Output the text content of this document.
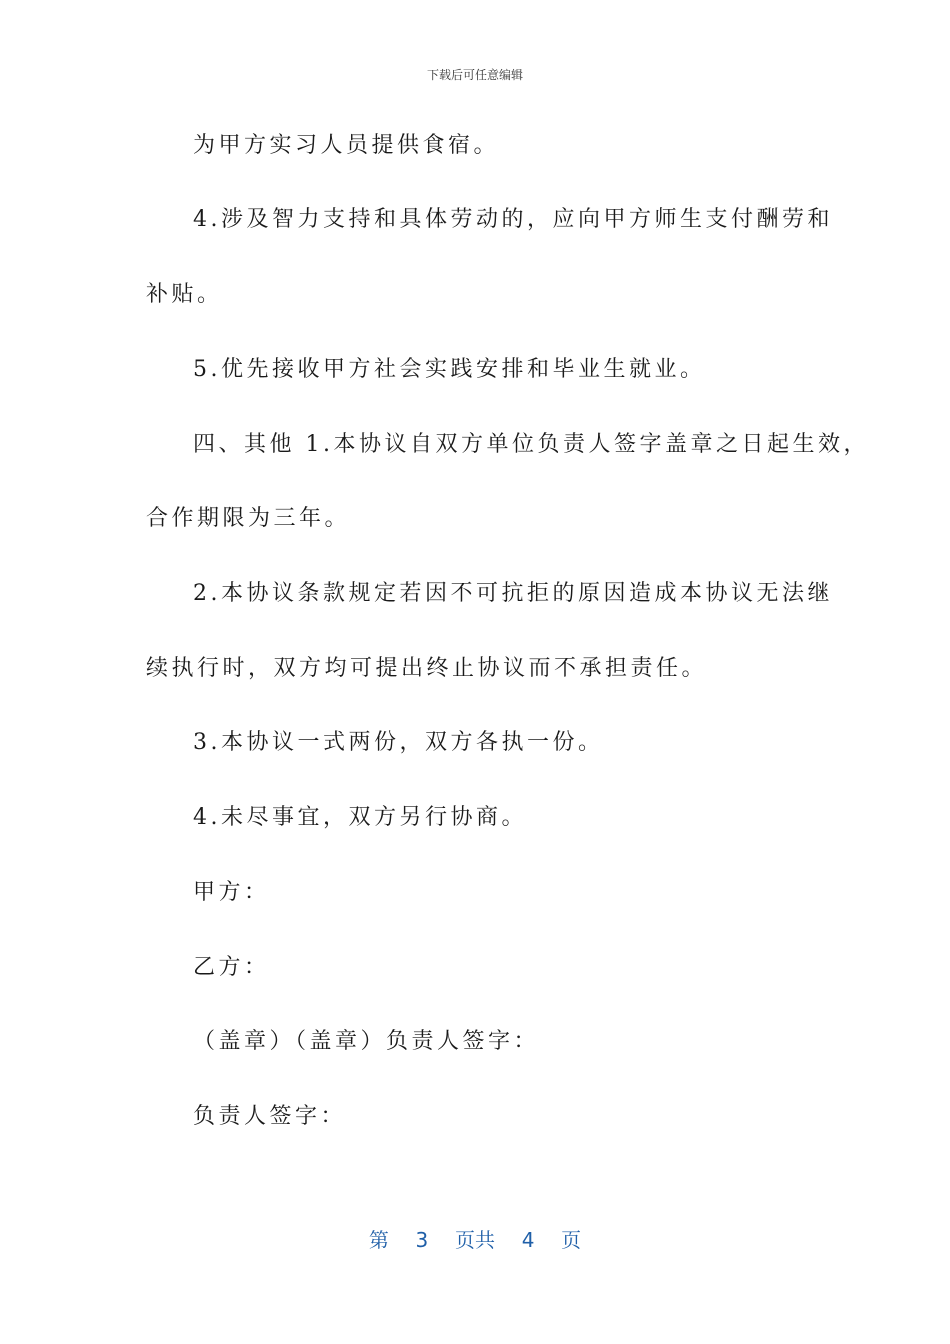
下载后可任意编辑
为甲方实习人员提供食宿。
4.涉及智力支持和具体劳动的，应向甲方师生支付酬劳和
补贴。
5.优先接收甲方社会实践安排和毕业生就业。
四、其他 1.本协议自双方单位负责人签字盖章之日起生效，
合作期限为三年。
2.本协议条款规定若因不可抗拒的原因造成本协议无法继
续执行时，双方均可提出终止协议而不承担责任。
3.本协议一式两份，双方各执一份。
4.未尽事宜，双方另行协商。
甲方：
乙方：
（盖章）（盖章）负责人签字：
负责人签字：
第 3 页共 4 页
